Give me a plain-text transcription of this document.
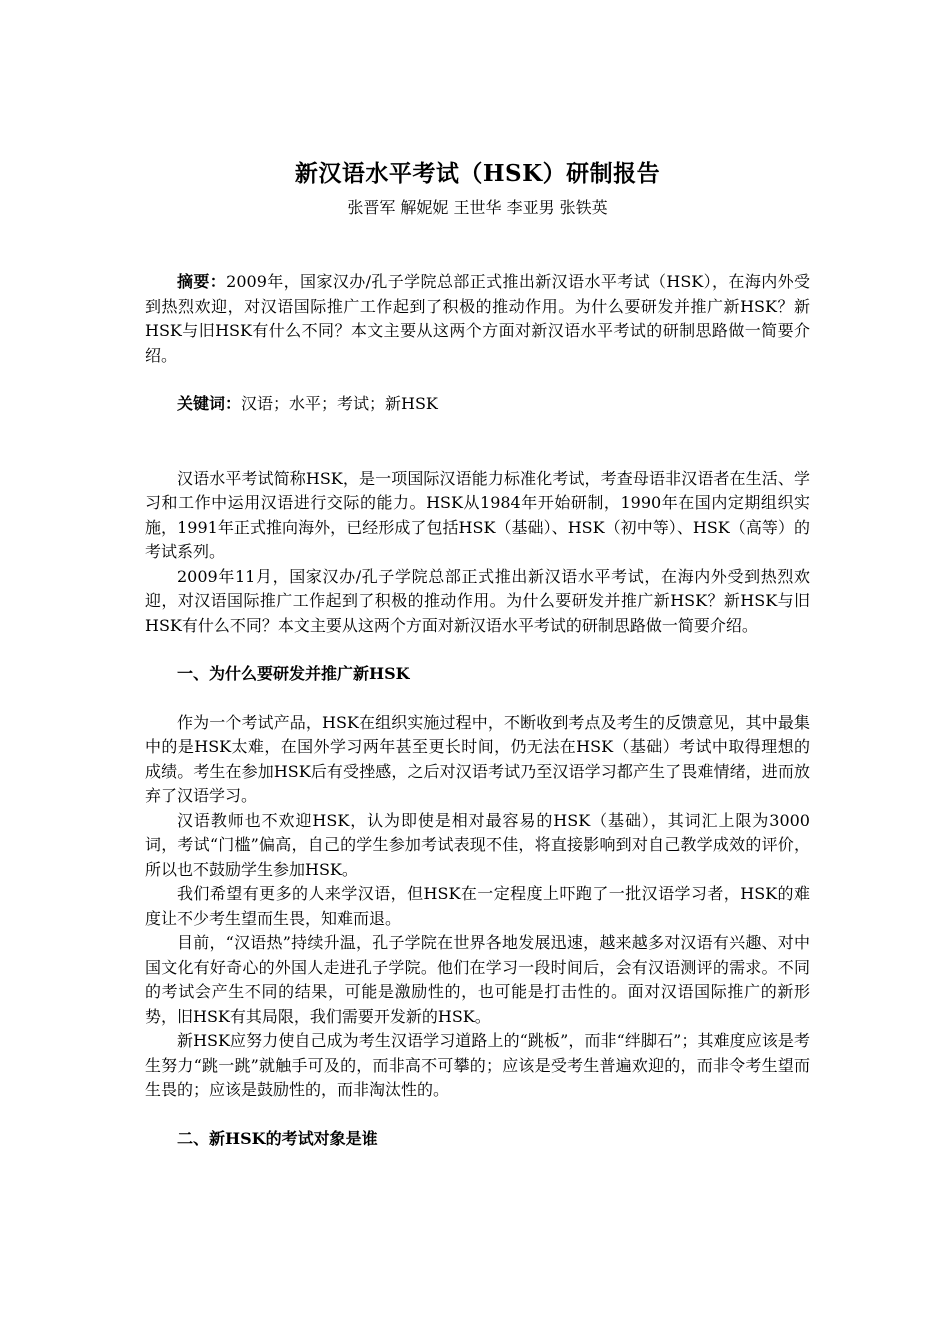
新汉语水平考试（HSK）研制报告

张晋军 解妮妮 王世华 李亚男 张铁英

摘要：2009年，国家汉办/孔子学院总部正式推出新汉语水平考试（HSK），在海内外受到热烈欢迎，对汉语国际推广工作起到了积极的推动作用。为什么要研发并推广新HSK？新HSK与旧HSK有什么不同？本文主要从这两个方面对新汉语水平考试的研制思路做一简要介绍。

关键词：汉语；水平；考试；新HSK

汉语水平考试简称HSK，是一项国际汉语能力标准化考试，考查母语非汉语者在生活、学习和工作中运用汉语进行交际的能力。HSK从1984年开始研制，1990年在国内定期组织实施，1991年正式推向海外，已经形成了包括HSK（基础）、HSK（初中等）、HSK（高等）的考试系列。

2009年11月，国家汉办/孔子学院总部正式推出新汉语水平考试，在海内外受到热烈欢迎，对汉语国际推广工作起到了积极的推动作用。为什么要研发并推广新HSK？新HSK与旧HSK有什么不同？本文主要从这两个方面对新汉语水平考试的研制思路做一简要介绍。

一、为什么要研发并推广新HSK

作为一个考试产品，HSK在组织实施过程中，不断收到考点及考生的反馈意见，其中最集中的是HSK太难，在国外学习两年甚至更长时间，仍无法在HSK（基础）考试中取得理想的成绩。考生在参加HSK后有受挫感，之后对汉语考试乃至汉语学习都产生了畏难情绪，进而放弃了汉语学习。

汉语教师也不欢迎HSK，认为即使是相对最容易的HSK（基础），其词汇上限为3000词，考试“门槛”偏高，自己的学生参加考试表现不佳，将直接影响到对自己教学成效的评价，所以也不鼓励学生参加HSK。

我们希望有更多的人来学汉语，但HSK在一定程度上吓跑了一批汉语学习者，HSK的难度让不少考生望而生畏，知难而退。

目前，“汉语热”持续升温，孔子学院在世界各地发展迅速，越来越多对汉语有兴趣、对中国文化有好奇心的外国人走进孔子学院。他们在学习一段时间后，会有汉语测评的需求。不同的考试会产生不同的结果，可能是激励性的，也可能是打击性的。面对汉语国际推广的新形势，旧HSK有其局限，我们需要开发新的HSK。

新HSK应努力使自己成为考生汉语学习道路上的“跳板”，而非“绊脚石”；其难度应该是考生努力“跳一跳”就触手可及的，而非高不可攀的；应该是受考生普遍欢迎的，而非令考生望而生畏的；应该是鼓励性的，而非淘汰性的。

二、新HSK的考试对象是谁
